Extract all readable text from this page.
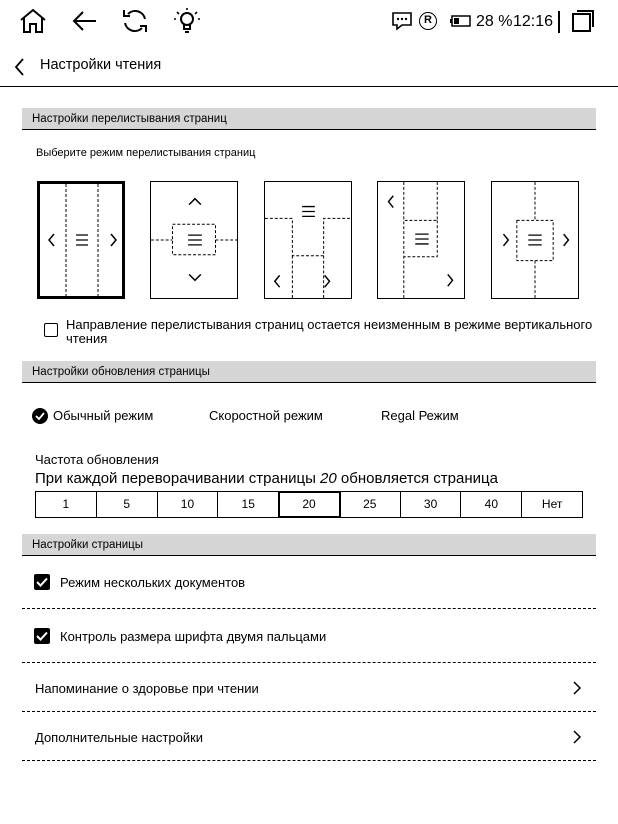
R	28 % 12:16
Настройки чтения
Настройки перелистывания страниц
Выберите режим перелистывания страниц
Направление перелистывания страниц остается неизменным в режиме вертикального
чтения
Настройки обновления страницы
Обычный режим	Скоростной режим	Regal Режим
Частота обновления
При каждой переворачивании страницы 20 обновляется страница
1	5	10	15	20	25	30	40	Нет
Настройки страницы
Режим нескольких документов
Контроль размера шрифта двумя пальцами
Напоминание о здоровье при чтении
Дополнительные настройки
